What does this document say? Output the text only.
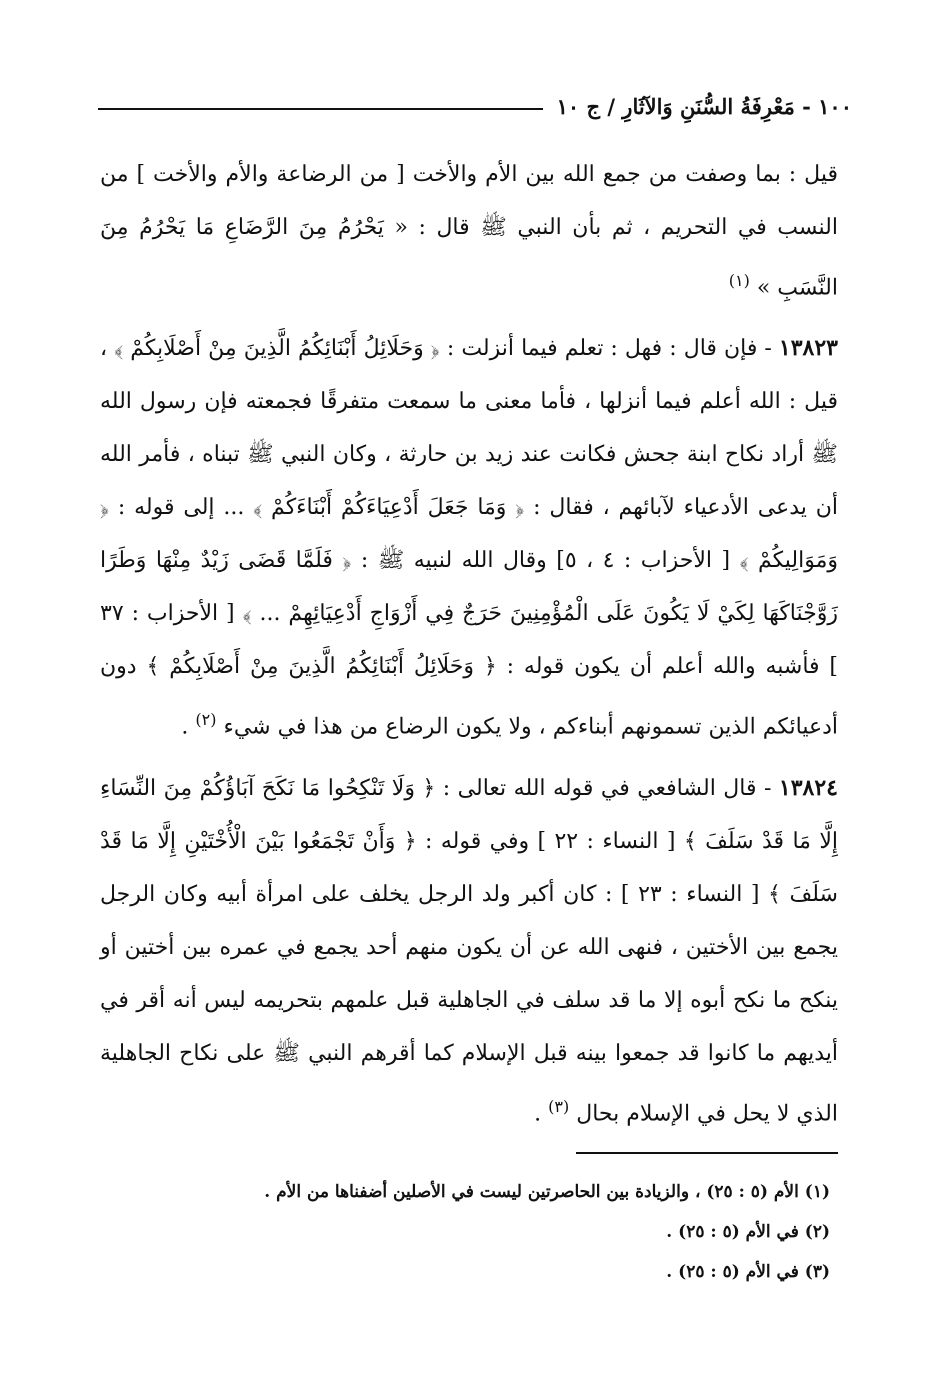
١٠٠ - مَعْرِفَةُ السُّنَنِ وَالآثَارِ / ج ١٠

قيل : بما وصفت من جمع الله بين الأم والأخت [ من الرضاعة والأم والأخت ] من النسب في التحريم ، ثم بأن النبي ﷺ قال : « يَحْرُمُ مِنَ الرَّضَاعِ مَا يَحْرُمُ مِنَ النَّسَبِ » $^{(١)}$

١٣٨٢٣ - فإن قال : فهل : تعلم فيما أنزلت : ﴿ وَحَلَائِلُ أَبْنَائِكُمُ الَّذِينَ مِنْ أَصْلَابِكُمْ ﴾ ، قيل : الله أعلم فيما أنزلها ، فأما معنى ما سمعت متفرقًا فجمعته فإن رسول الله ﷺ أراد نكاح ابنة جحش فكانت عند زيد بن حارثة ، وكان النبي ﷺ تبناه ، فأمر الله أن يدعى الأدعياء لآبائهم ، فقال : ﴿ وَمَا جَعَلَ أَدْعِيَاءَكُمْ أَبْنَاءَكُمْ ﴾ ... إلى قوله : ﴿ وَمَوَالِيكُمْ ﴾ [ الأحزاب : ٤ ، ٥] وقال الله لنبيه ﷺ : ﴿ فَلَمَّا قَضَى زَيْدٌ مِنْهَا وَطَرًا زَوَّجْنَاكَهَا لِكَيْ لَا يَكُونَ عَلَى الْمُؤْمِنِينَ حَرَجٌ فِي أَزْوَاجِ أَدْعِيَائِهِمْ ... ﴾ [ الأحزاب : ٣٧ ] فأشبه والله أعلم أن يكون قوله : ﴿ وَحَلَائِلُ أَبْنَائِكُمُ الَّذِينَ مِنْ أَصْلَابِكُمْ ﴾ دون أدعيائكم الذين تسمونهم أبناءكم ، ولا يكون الرضاع من هذا في شيء $^{(٢)}$ .

١٣٨٢٤ - قال الشافعي في قوله الله تعالى : ﴿ وَلَا تَنْكِحُوا مَا نَكَحَ آبَاؤُكُمْ مِنَ النِّسَاءِ إِلَّا مَا قَدْ سَلَفَ ﴾ [ النساء : ٢٢ ] وفي قوله : ﴿ وَأَنْ تَجْمَعُوا بَيْنَ الْأُخْتَيْنِ إِلَّا مَا قَدْ سَلَفَ ﴾ [ النساء : ٢٣ ] : كان أكبر ولد الرجل يخلف على امرأة أبيه وكان الرجل يجمع بين الأختين ، فنهى الله عن أن يكون منهم أحد يجمع في عمره بين أختين أو ينكح ما نكح أبوه إلا ما قد سلف في الجاهلية قبل علمهم بتحريمه ليس أنه أقر في أيديهم ما كانوا قد جمعوا بينه قبل الإسلام كما أقرهم النبي ﷺ على نكاح الجاهلية الذي لا يحل في الإسلام بحال $^{(٣)}$ .

(١) الأم (٥ : ٢٥) ، والزيادة بين الحاصرتين ليست في الأصلين أضفناها من الأم .

(٢) في الأم (٥ : ٢٥) .

(٣) في الأم (٥ : ٢٥) .
